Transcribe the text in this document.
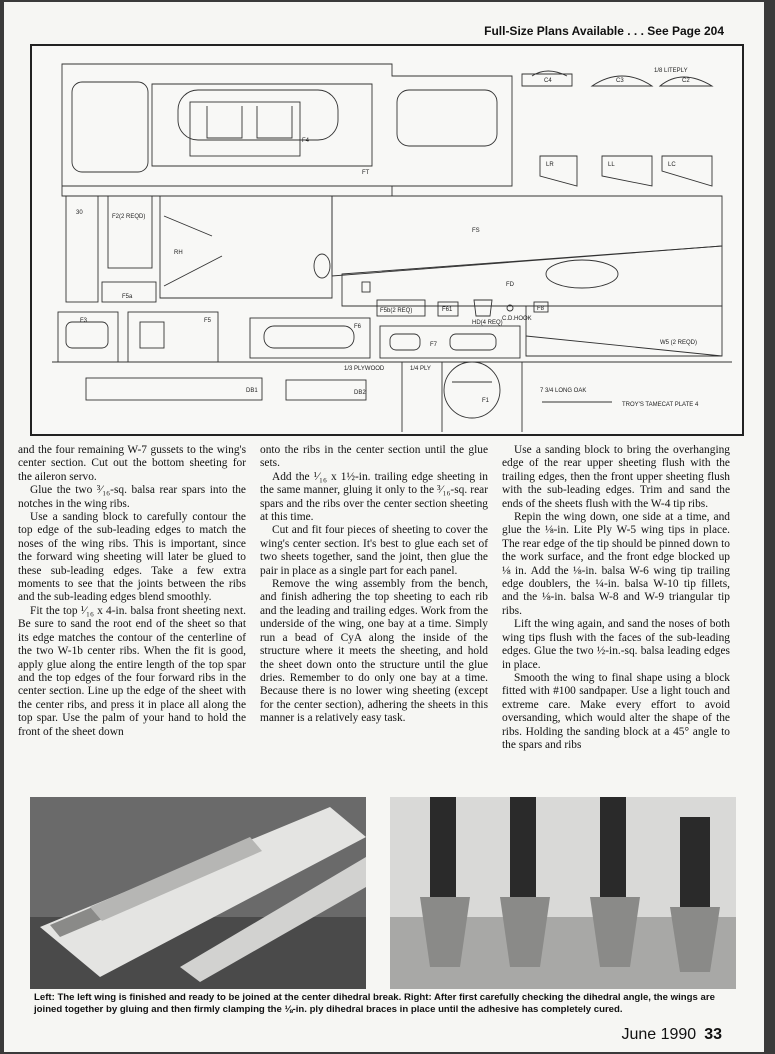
Full-Size Plans Available . . . See Page 204
1/8 LITEPLY
C4	C3	C2
F4
FT
LR	LL	LC
30
F2(2 REQD)
RH
FS
F5a
FD
F5b(2 REQ)	F61
HD(4 REQ)
C.D.HOOK
F8
F3	F5
F6
F7	W5 (2 REQD)
1/3 PLYWOOD	1/4 PLY
F1
DB1	DB2	7 3/4 LONG OAK
TROY'S TAMECAT PLATE 4

and the four remaining W-7 gussets to the wing's center section. Cut out the bottom sheeting for the aileron servo.

Glue the two ³⁄₁₆-sq. balsa rear spars into the notches in the wing ribs.

Use a sanding block to carefully contour the top edge of the sub-leading edges to match the noses of the wing ribs. This is important, since the forward wing sheeting will later be glued to these sub-leading edges. Take a few extra moments to see that the joints between the ribs and the sub-leading edges blend smoothly.

Fit the top ¹⁄₁₆ x 4-in. balsa front sheeting next. Be sure to sand the root end of the sheet so that its edge matches the contour of the centerline of the two W-1b center ribs. When the fit is good, apply glue along the entire length of the top spar and the top edges of the four forward ribs in the center section. Line up the edge of the sheet with the center ribs, and press it in place all along the top spar. Use the palm of your hand to hold the front of the sheet down

onto the ribs in the center section until the glue sets.

Add the ¹⁄₁₆ x 1½-in. trailing edge sheeting in the same manner, gluing it only to the ³⁄₁₆-sq. rear spars and the ribs over the center section sheeting at this time.

Cut and fit four pieces of sheeting to cover the wing's center section. It's best to glue each set of two sheets together, sand the joint, then glue the pair in place as a single part for each panel.

Remove the wing assembly from the bench, and finish adhering the top sheeting to each rib and the leading and trailing edges. Work from the underside of the wing, one bay at a time. Simply run a bead of CyA along the inside of the structure where it meets the sheeting, and hold the sheet down onto the structure until the glue dries. Remember to do only one bay at a time. Because there is no lower wing sheeting (except for the center section), adhering the sheets in this manner is a relatively easy task.

Use a sanding block to bring the overhanging edge of the rear upper sheeting flush with the trailing edges, then the front upper sheeting flush with the sub-leading edges. Trim and sand the ends of the sheets flush with the W-4 tip ribs.

Repin the wing down, one side at a time, and glue the ⅛-in. Lite Ply W-5 wing tips in place. The rear edge of the tip should be pinned down to the work surface, and the front edge blocked up ⅛ in. Add the ⅛-in. balsa W-6 wing tip trailing edge doublers, the ¼-in. balsa W-10 tip fillets, and the ⅛-in. balsa W-8 and W-9 triangular tip ribs.

Lift the wing again, and sand the noses of both wing tips flush with the faces of the sub-leading edges. Glue the two ½-in.-sq. balsa leading edges in place.

Smooth the wing to final shape using a block fitted with #100 sandpaper. Use a light touch and extreme care. Make every effort to avoid oversanding, which would alter the shape of the ribs. Holding the sanding block at a 45° angle to the spars and ribs

Left: The left wing is finished and ready to be joined at the center dihedral break. Right: After first carefully checking the dihedral angle, the wings are joined together by gluing and then firmly clamping the ⅛-in. ply dihedral braces in place until the adhesive has completely cured.
June 1990 33
